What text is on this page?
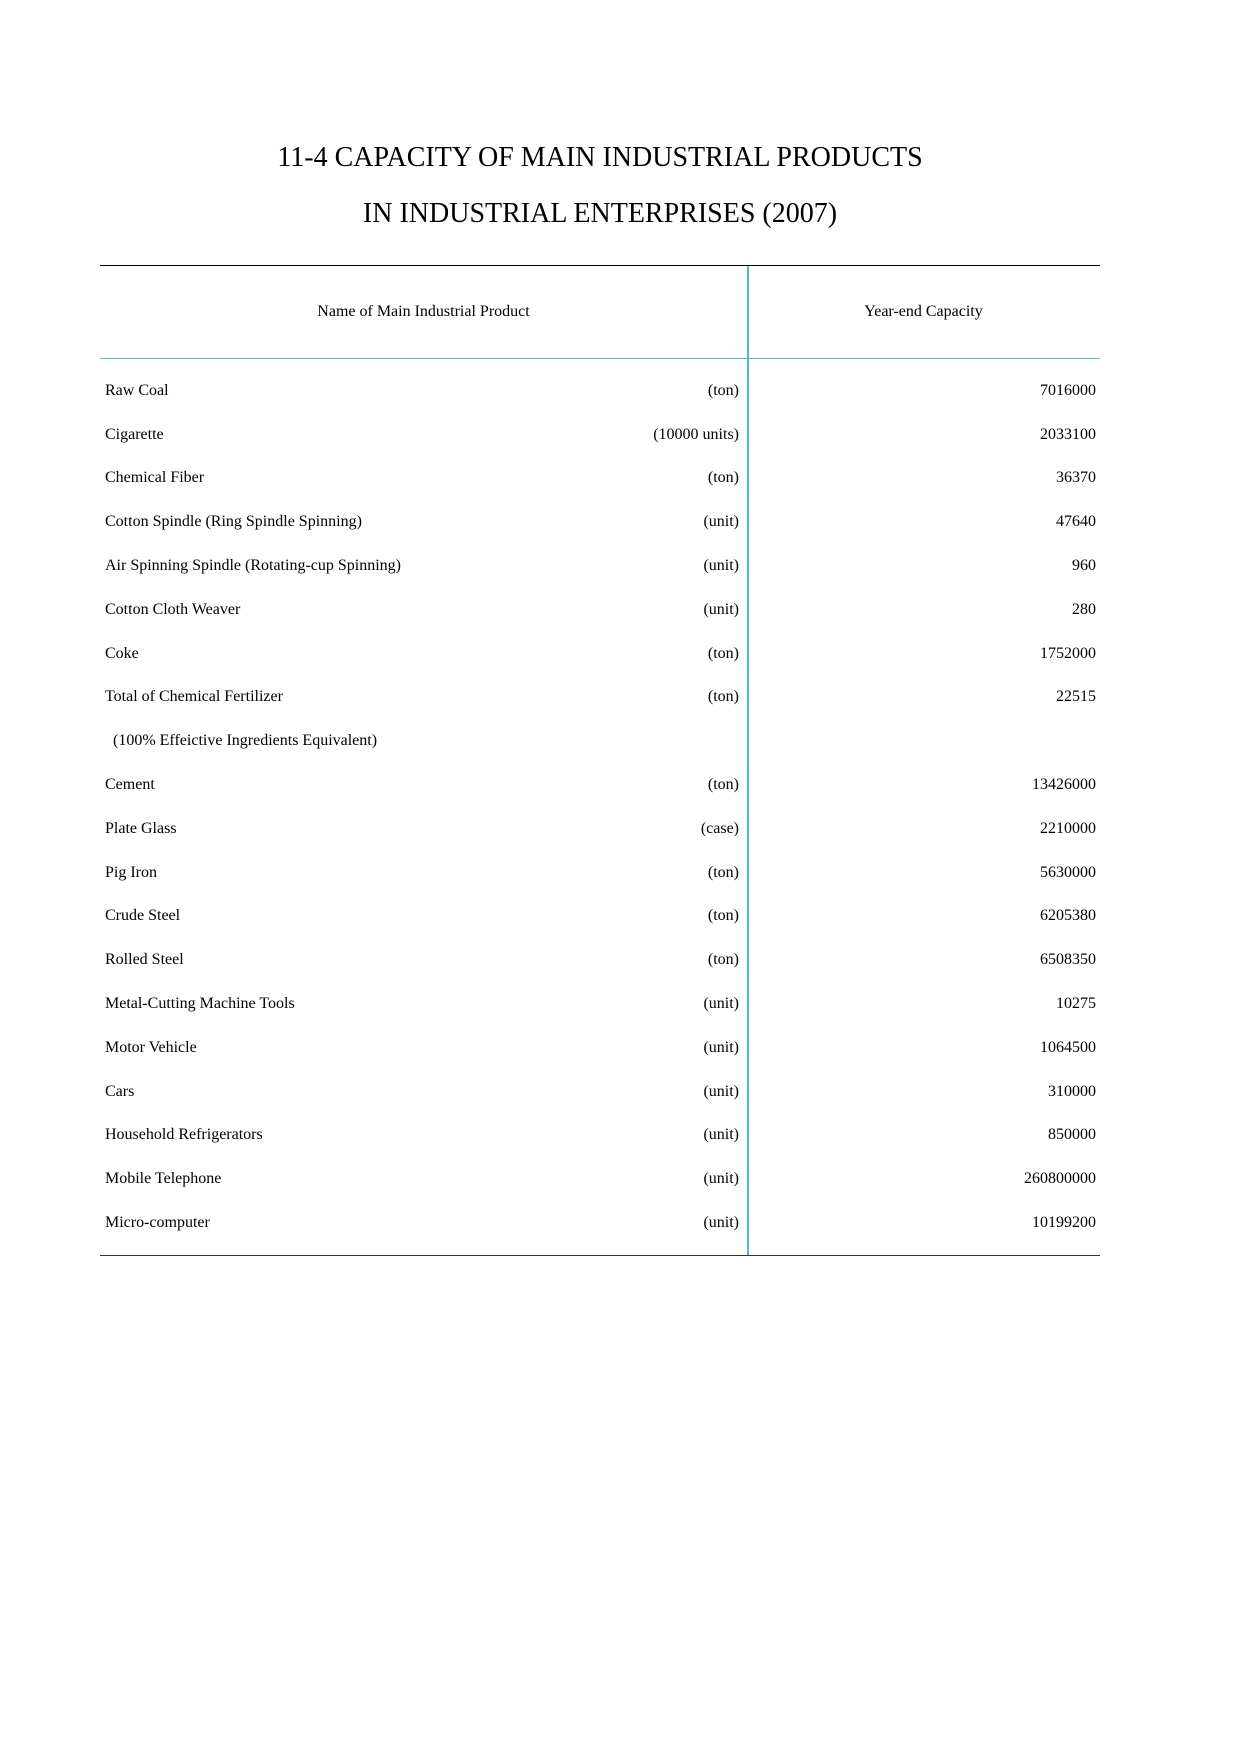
11-4 CAPACITY OF MAIN INDUSTRIAL PRODUCTS
IN INDUSTRIAL ENTERPRISES (2007)
Name of Main Industrial Product	Year-end Capacity
Raw Coal	(ton)	7016000
Cigarette	(10000 units)	2033100
Chemical Fiber	(ton)	36370
Cotton Spindle (Ring Spindle Spinning)	(unit)	47640
Air Spinning Spindle (Rotating-cup Spinning)	(unit)	960
Cotton Cloth Weaver	(unit)	280
Coke	(ton)	1752000
Total of Chemical Fertilizer	(ton)	22515
(100% Effeictive Ingredients Equivalent)
Cement	(ton)	13426000
Plate Glass	(case)	2210000
Pig Iron	(ton)	5630000
Crude Steel	(ton)	6205380
Rolled Steel	(ton)	6508350
Metal-Cutting Machine Tools	(unit)	10275
Motor Vehicle	(unit)	1064500
Cars	(unit)	310000
Household Refrigerators	(unit)	850000
Mobile Telephone	(unit)	260800000
Micro-computer	(unit)	10199200
